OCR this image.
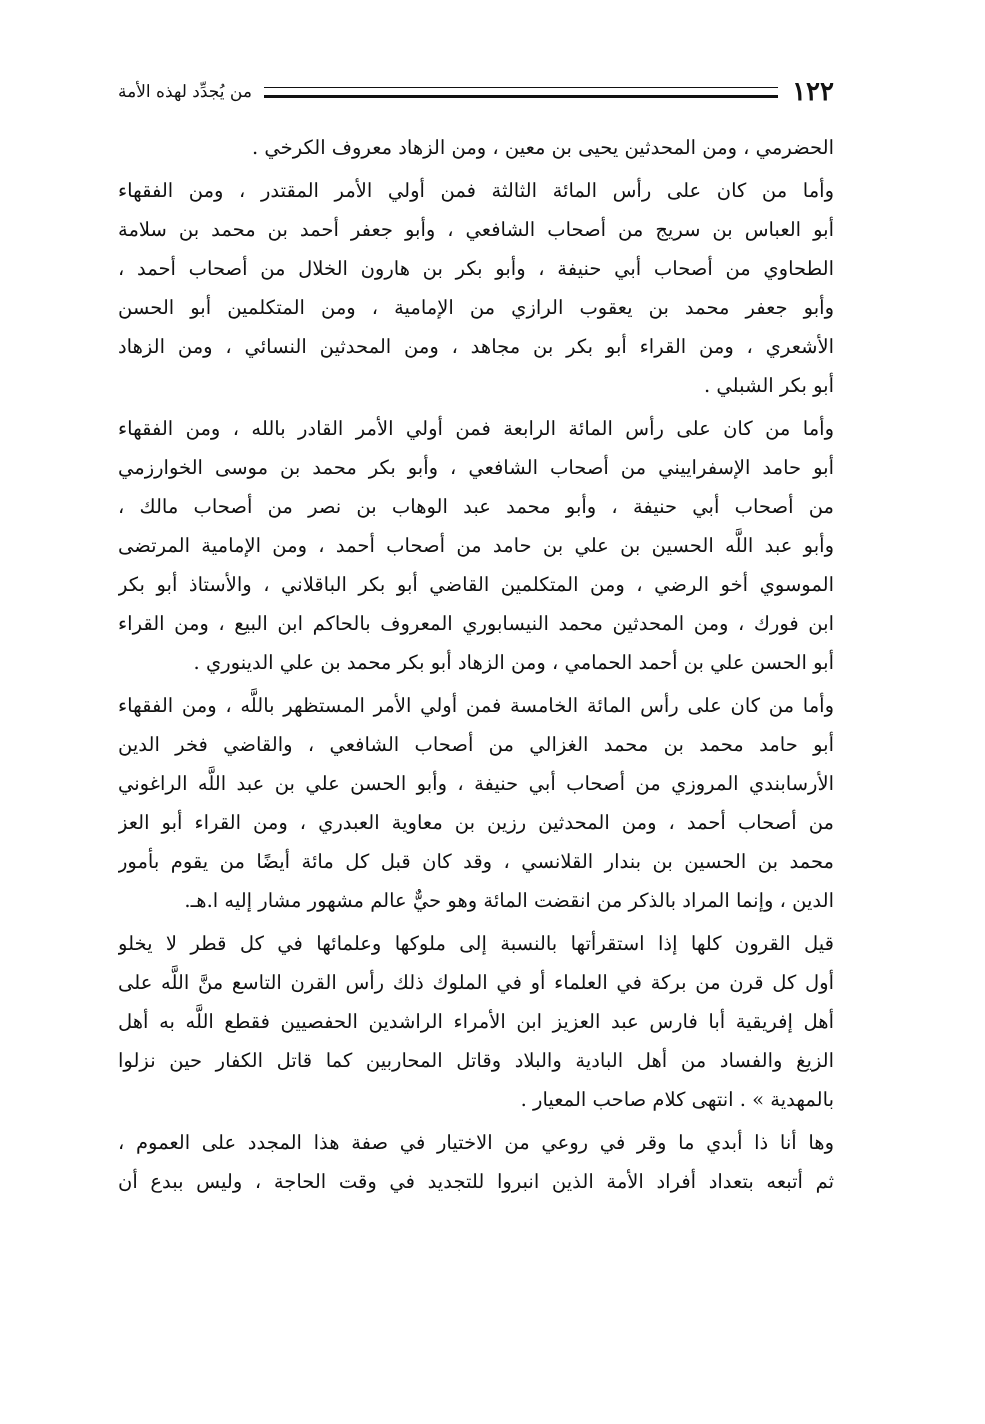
١٢٢
من يُجدِّد لهذه الأمة
الحضرمي ، ومن المحدثين يحيى بن معين ، ومن الزهاد معروف الكرخي .
وأما من كان على رأس المائة الثالثة فمن أولي الأمر المقتدر ، ومن الفقهاء
أبو العباس بن سريج من أصحاب الشافعي ، وأبو جعفر أحمد بن محمد بن سلامة
الطحاوي من أصحاب أبي حنيفة ، وأبو بكر بن هارون الخلال من أصحاب أحمد ،
وأبو جعفر محمد بن يعقوب الرازي من الإمامية ، ومن المتكلمين أبو الحسن
الأشعري ، ومن القراء أبو بكر بن مجاهد ، ومن المحدثين النسائي ، ومن الزهاد
أبو بكر الشبلي .
وأما من كان على رأس المائة الرابعة فمن أولي الأمر القادر بالله ، ومن الفقهاء
أبو حامد الإسفراييني من أصحاب الشافعي ، وأبو بكر محمد بن موسى الخوارزمي
من أصحاب أبي حنيفة ، وأبو محمد عبد الوهاب بن نصر من أصحاب مالك ،
وأبو عبد اللَّه الحسين بن علي بن حامد من أصحاب أحمد ، ومن الإمامية المرتضى
الموسوي أخو الرضي ، ومن المتكلمين القاضي أبو بكر الباقلاني ، والأستاذ أبو بكر
ابن فورك ، ومن المحدثين محمد النيسابوري المعروف بالحاكم ابن البيع ، ومن القراء
أبو الحسن علي بن أحمد الحمامي ، ومن الزهاد أبو بكر محمد بن علي الدينوري .
وأما من كان على رأس المائة الخامسة فمن أولي الأمر المستظهر باللَّه ، ومن الفقهاء
أبو حامد محمد بن محمد الغزالي من أصحاب الشافعي ، والقاضي فخر الدين
الأرسابندي المروزي من أصحاب أبي حنيفة ، وأبو الحسن علي بن عبد اللَّه الراغوني
من أصحاب أحمد ، ومن المحدثين رزين بن معاوية العبدري ، ومن القراء أبو العز
محمد بن الحسين بن بندار القلانسي ، وقد كان قبل كل مائة أيضًا من يقوم بأمور
الدين ، وإنما المراد بالذكر من انقضت المائة وهو حيٌّ عالم مشهور مشار إليه ا.هـ.
قيل القرون كلها إذا استقرأتها بالنسبة إلى ملوكها وعلمائها في كل قطر لا يخلو
أول كل قرن من بركة في العلماء أو في الملوك ذلك رأس القرن التاسع منَّ اللَّه على
أهل إفريقية أبا فارس عبد العزيز ابن الأمراء الراشدين الحفصيين فقطع اللَّه به أهل
الزيغ والفساد من أهل البادية والبلاد وقاتل المحاربين كما قاتل الكفار حين نزلوا
بالمهدية » . انتهى كلام صاحب المعيار .
وها أنا ذا أبدي ما وقر في روعي من الاختيار في صفة هذا المجدد على العموم ،
ثم أتبعه بتعداد أفراد الأمة الذين انبروا للتجديد في وقت الحاجة ، وليس ببدع أن
